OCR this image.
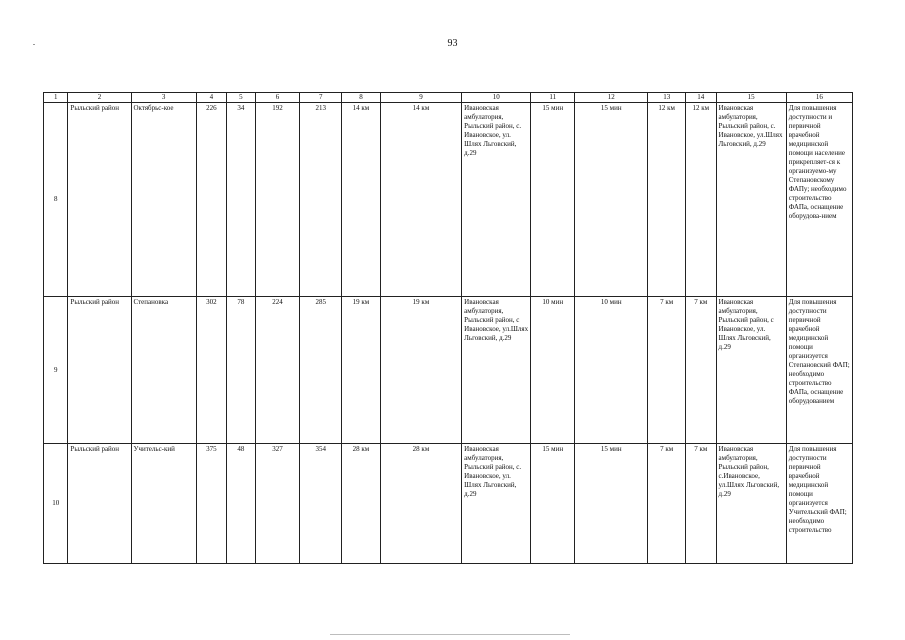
93
1	2	3	4	5	6	7	8	9	10	11	12	13	14	15	16
8	Рыльский район	Октябрьс-кое	226	34	192	213	14 км	14 км	Ивановская амбулатория, Рыльский район, с. Ивановское, ул. Шлях Льговский, д.29	15 мин	15 мин	12 км	12 км	Ивановская амбулатория, Рыльский район, с. Ивановское, ул.Шлях Льговский, д.29	Для повышения доступности и первичной врачебной медицинской помощи население прикрепляет-ся к организуемо-му Степановскому ФАПу; необходимо строительство ФАПа, оснащение оборудова-нием
9	Рыльский район	Степановка	302	78	224	285	19 км	19 км	Ивановская амбулатория, Рыльский район, с Ивановское, ул.Шлях Льговский, д.29	10 мин	10 мин	7 км	7 км	Ивановская амбулатория, Рыльский район, с Ивановское, ул. Шлях Льговский, д.29	Для повышения доступности первичной врачебной медицинской помощи организуется Степановский ФАП; необходимо строительство ФАПа, оснащение оборудованием
10	Рыльский район	Учительс-кий	375	48	327	354	28 км	28 км	Ивановская амбулатория, Рыльский район, с. Ивановское, ул. Шлях Льговский, д.29	15 мин	15 мин	7 км	7 км	Ивановская амбулатория, Рыльский район, с.Ивановское, ул.Шлях Льговский, д.29	Для повышения доступности первичной врачебной медицинской помощи организуется Учительский ФАП; необходимо строительство
